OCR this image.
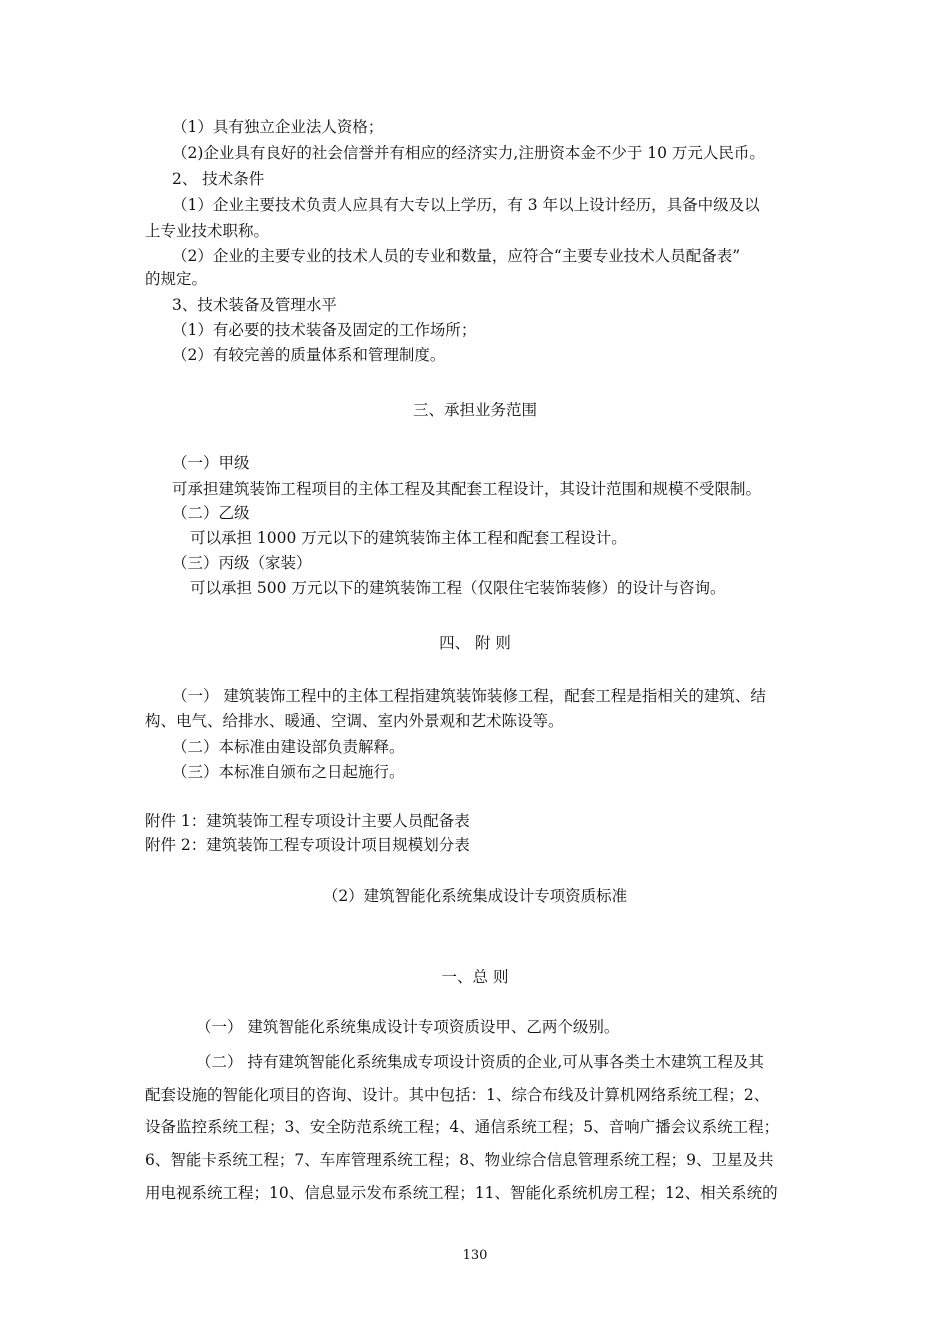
（1）具有独立企业法人资格；

（2)企业具有良好的社会信誉并有相应的经济实力,注册资本金不少于 10 万元人民币。

2、 技术条件

（1）企业主要技术负责人应具有大专以上学历，有 3 年以上设计经历，具备中级及以

上专业技术职称。

（2）企业的主要专业的技术人员的专业和数量，应符合“主要专业技术人员配备表”

的规定。

3、技术装备及管理水平

（1）有必要的技术装备及固定的工作场所；

（2）有较完善的质量体系和管理制度。

三、承担业务范围

（一）甲级

可承担建筑装饰工程项目的主体工程及其配套工程设计，其设计范围和规模不受限制。

（二）乙级

可以承担 1000 万元以下的建筑装饰主体工程和配套工程设计。

（三）丙级（家装）

可以承担 500 万元以下的建筑装饰工程（仅限住宅装饰装修）的设计与咨询。

四、 附 则

（一） 建筑装饰工程中的主体工程指建筑装饰装修工程，配套工程是指相关的建筑、结

构、电气、给排水、暖通、空调、室内外景观和艺术陈设等。

（二）本标准由建设部负责解释。

（三）本标准自颁布之日起施行。

附件 1：建筑装饰工程专项设计主要人员配备表

附件 2：建筑装饰工程专项设计项目规模划分表

（2）建筑智能化系统集成设计专项资质标准

一、总 则

（一） 建筑智能化系统集成设计专项资质设甲、乙两个级别。

（二） 持有建筑智能化系统集成专项设计资质的企业,可从事各类土木建筑工程及其

配套设施的智能化项目的咨询、设计。其中包括：1、综合布线及计算机网络系统工程；2、

设备监控系统工程；3、安全防范系统工程；4、通信系统工程；5、音响广播会议系统工程；

6、智能卡系统工程；7、车库管理系统工程；8、物业综合信息管理系统工程；9、卫星及共

用电视系统工程；10、信息显示发布系统工程；11、智能化系统机房工程；12、相关系统的

130
